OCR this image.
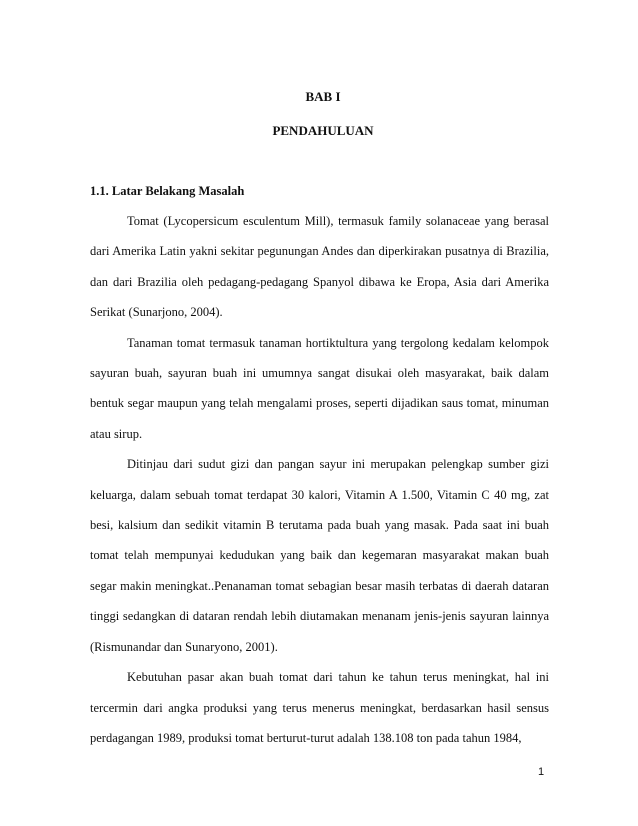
BAB I
PENDAHULUAN
1.1. Latar Belakang Masalah

Tomat (Lycopersicum esculentum Mill), termasuk family solanaceae yang berasal dari Amerika Latin yakni sekitar pegunungan Andes dan diperkirakan pusatnya di Brazilia, dan dari Brazilia oleh pedagang-pedagang Spanyol dibawa ke Eropa, Asia dari Amerika Serikat (Sunarjono, 2004).

Tanaman tomat termasuk tanaman hortiktultura yang tergolong kedalam kelompok sayuran buah, sayuran buah ini umumnya sangat disukai oleh masyarakat, baik dalam bentuk segar maupun yang telah mengalami proses, seperti dijadikan saus tomat, minuman atau sirup.

Ditinjau dari sudut gizi dan pangan sayur ini merupakan pelengkap sumber gizi keluarga, dalam sebuah tomat terdapat 30 kalori, Vitamin A 1.500, Vitamin C 40 mg, zat besi, kalsium dan sedikit vitamin B terutama pada buah yang masak. Pada saat ini buah tomat telah mempunyai kedudukan yang baik dan kegemaran masyarakat makan buah segar makin meningkat..Penanaman tomat sebagian besar masih terbatas di daerah dataran tinggi sedangkan di dataran rendah lebih diutamakan menanam jenis-jenis sayuran lainnya (Rismunandar dan Sunaryono, 2001).

Kebutuhan pasar akan buah tomat dari tahun ke tahun terus meningkat, hal ini tercermin dari angka produksi yang terus menerus meningkat, berdasarkan hasil sensus perdagangan 1989, produksi tomat berturut-turut adalah 138.108 ton pada tahun 1984,

1
